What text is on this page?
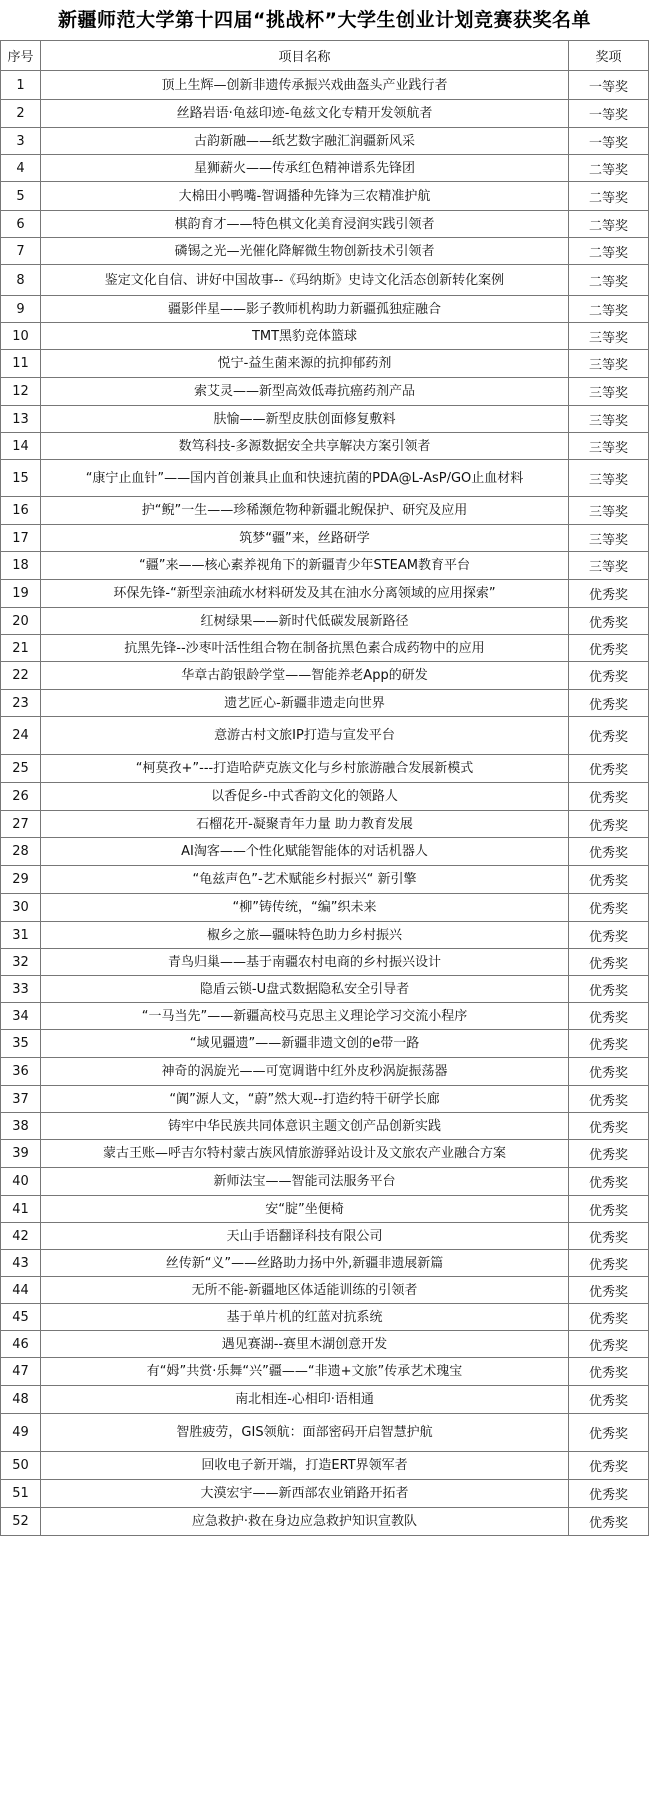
新疆师范大学第十四届“挑战杯”大学生创业计划竞赛获奖名单
序号	项目名称	奖项
1	顶上生辉—创新非遗传承振兴戏曲盔头产业践行者	一等奖
2	丝路岩语·龟兹印迹-龟兹文化专精开发领航者	一等奖
3	古韵新融——纸艺数字融汇润疆新风采	一等奖
4	星狮薪火——传承红色精神谱系先锋团	二等奖
5	大棉田小鸭嘴-智调播种先锋为三农精准护航	二等奖
6	棋韵育才——特色棋文化美育浸润实践引领者	二等奖
7	磷锡之光—光催化降解微生物创新技术引领者	二等奖
8	鉴定文化自信、讲好中国故事--《玛纳斯》史诗文化活态创新转化案例	二等奖
9	疆影伴星——影子教师机构助力新疆孤独症融合	二等奖
10	TMT黑豹竞体篮球	三等奖
11	悦宁-益生菌来源的抗抑郁药剂	三等奖
12	索艾灵——新型高效低毒抗癌药剂产品	三等奖
13	肤愉——新型皮肤创面修复敷料	三等奖
14	数笃科技-多源数据安全共享解决方案引领者	三等奖
15	“康宁止血针”——国内首创兼具止血和快速抗菌的PDA@L-AsP/GO止血材料	三等奖
16	护“鲵”一生——珍稀濒危物种新疆北鲵保护、研究及应用	三等奖
17	筑梦“疆”来，丝路研学	三等奖
18	“疆”来——核心素养视角下的新疆青少年STEAM教育平台	三等奖
19	环保先锋-“新型亲油疏水材料研发及其在油水分离领域的应用探索”	优秀奖
20	红树绿果——新时代低碳发展新路径	优秀奖
21	抗黑先锋--沙枣叶活性组合物在制备抗黑色素合成药物中的应用	优秀奖
22	华章古韵银龄学堂——智能养老App的研发	优秀奖
23	遗艺匠心-新疆非遗走向世界	优秀奖
24	意游古村文旅IP打造与宣发平台	优秀奖
25	“柯莫孜+”---打造哈萨克族文化与乡村旅游融合发展新模式	优秀奖
26	以香促乡-中式香韵文化的领路人	优秀奖
27	石榴花开-凝聚青年力量 助力教育发展	优秀奖
28	AI淘客——个性化赋能智能体的对话机器人	优秀奖
29	“龟兹声色”-艺术赋能乡村振兴“ 新引擎	优秀奖
30	“柳”铸传统，“编”织未来	优秀奖
31	椒乡之旅—疆味特色助力乡村振兴	优秀奖
32	青鸟归巢——基于南疆农村电商的乡村振兴设计	优秀奖
33	隐盾云锁-U盘式数据隐私安全引导者	优秀奖
34	“一马当先”——新疆高校马克思主义理论学习交流小程序	优秀奖
35	“域见疆遗”——新疆非遗文创的e带一路	优秀奖
36	神奇的涡旋光——可宽调谐中红外皮秒涡旋振荡器	优秀奖
37	“阗”源人文，“蔚”然大观--打造约特干研学长廊	优秀奖
38	铸牢中华民族共同体意识主题文创产品创新实践	优秀奖
39	蒙古王账—呼吉尔特村蒙古族风情旅游驿站设计及文旅农产业融合方案	优秀奖
40	新师法宝——智能司法服务平台	优秀奖
41	安“腚”坐便椅	优秀奖
42	天山手语翻译科技有限公司	优秀奖
43	丝传新“义”——丝路助力扬中外,新疆非遗展新篇	优秀奖
44	无所不能-新疆地区体适能训练的引领者	优秀奖
45	基于单片机的红蓝对抗系统	优秀奖
46	遇见赛湖--赛里木湖创意开发	优秀奖
47	有“姆”共赏·乐舞“兴”疆——“非遗+文旅”传承艺术瑰宝	优秀奖
48	南北相连-心相印·语相通	优秀奖
49	智胜疲劳，GIS领航：面部密码开启智慧护航	优秀奖
50	回收电子新开端，打造ERT界领军者	优秀奖
51	大漠宏宇——新西部农业销路开拓者	优秀奖
52	应急救护·救在身边应急救护知识宣教队	优秀奖
